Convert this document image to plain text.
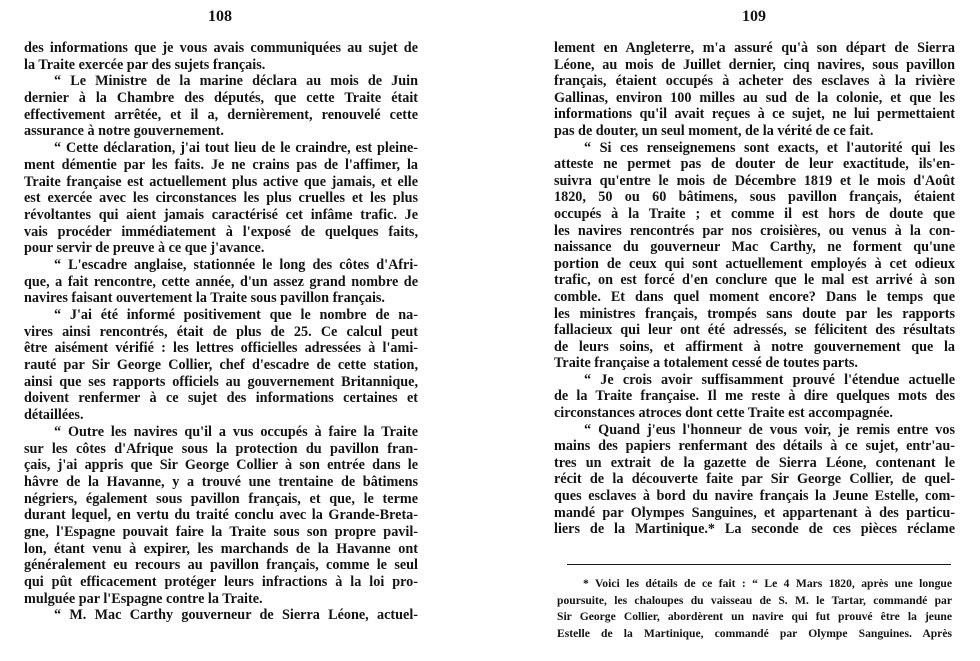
108
des informations que je vous avais communiquées au sujet de
la Traite exercée par des sujets français.
“ Le Ministre de la marine déclara au mois de Juin
dernier à la Chambre des députés, que cette Traite était
effectivement arrêtée, et il a, dernièrement, renouvelé cette
assurance à notre gouvernement.
“ Cette déclaration, j'ai tout lieu de le craindre, est pleine-
ment démentie par les faits. Je ne crains pas de l'affimer, la
Traite française est actuellement plus active que jamais, et elle
est exercée avec les circonstances les plus cruelles et les plus
révoltantes qui aient jamais caractérisé cet infâme trafic. Je
vais procéder immédiatement à l'exposé de quelques faits,
pour servir de preuve à ce que j'avance.
“ L'escadre anglaise, stationnée le long des côtes d'Afri-
que, a fait rencontre, cette année, d'un assez grand nombre de
navires faisant ouvertement la Traite sous pavillon français.
“ J'ai été informé positivement que le nombre de na-
vires ainsi rencontrés, était de plus de 25. Ce calcul peut
être aisément vérifié : les lettres officielles adressées à l'ami-
rauté par Sir George Collier, chef d'escadre de cette station,
ainsi que ses rapports officiels au gouvernement Britannique,
doivent renfermer à ce sujet des informations certaines et
détaillées.
“ Outre les navires qu'il a vus occupés à faire la Traite
sur les côtes d'Afrique sous la protection du pavillon fran-
çais, j'ai appris que Sir George Collier à son entrée dans le
hâvre de la Havanne, y a trouvé une trentaine de bâtimens
négriers, également sous pavillon français, et que, le terme
durant lequel, en vertu du traité conclu avec la Grande-Breta-
gne, l'Espagne pouvait faire la Traite sous son propre pavil-
lon, étant venu à expirer, les marchands de la Havanne ont
généralement eu recours au pavillon français, comme le seul
qui pût efficacement protéger leurs infractions à la loi pro-
mulguée par l'Espagne contre la Traite.
“ M. Mac Carthy gouverneur de Sierra Léone, actuel-
109
lement en Angleterre, m'a assuré qu'à son départ de Sierra
Léone, au mois de Juillet dernier, cinq navires, sous pavillon
français, étaient occupés à acheter des esclaves à la rivière
Gallinas, environ 100 milles au sud de la colonie, et que les
informations qu'il avait reçues à ce sujet, ne lui permettaient
pas de douter, un seul moment, de la vérité de ce fait.
“ Si ces renseignemens sont exacts, et l'autorité qui les
atteste ne permet pas de douter de leur exactitude, ils'en-
suivra qu'entre le mois de Décembre 1819 et le mois d'Août
1820, 50 ou 60 bâtimens, sous pavillon français, étaient
occupés à la Traite ; et comme il est hors de doute que
les navires rencontrés par nos croisières, ou venus à la con-
naissance du gouverneur Mac Carthy, ne forment qu'une
portion de ceux qui sont actuellement employés à cet odieux
trafic, on est forcé d'en conclure que le mal est arrivé à son
comble. Et dans quel moment encore? Dans le temps que
les ministres français, trompés sans doute par les rapports
fallacieux qui leur ont été adressés, se félicitent des résultats
de leurs soins, et affirment à notre gouvernement que la
Traite française a totalement cessé de toutes parts.
“ Je crois avoir suffisamment prouvé l'étendue actuelle
de la Traite française. Il me reste à dire quelques mots des
circonstances atroces dont cette Traite est accompagnée.
“ Quand j'eus l'honneur de vous voir, je remis entre vos
mains des papiers renfermant des détails à ce sujet, entr'au-
tres un extrait de la gazette de Sierra Léone, contenant le
récit de la découverte faite par Sir George Collier, de quel-
ques esclaves à bord du navire français la Jeune Estelle, com-
mandé par Olympes Sanguines, et appartenant à des particu-
liers de la Martinique.* La seconde de ces pièces réclame
* Voici les détails de ce fait : “ Le 4 Mars 1820, après une longue
poursuite, les chaloupes du vaisseau de S. M. le Tartar, commandé par
Sir George Collier, abordèrent un navire qui fut prouvé être la jeune
Estelle de la Martinique, commandé par Olympe Sanguines. Après
